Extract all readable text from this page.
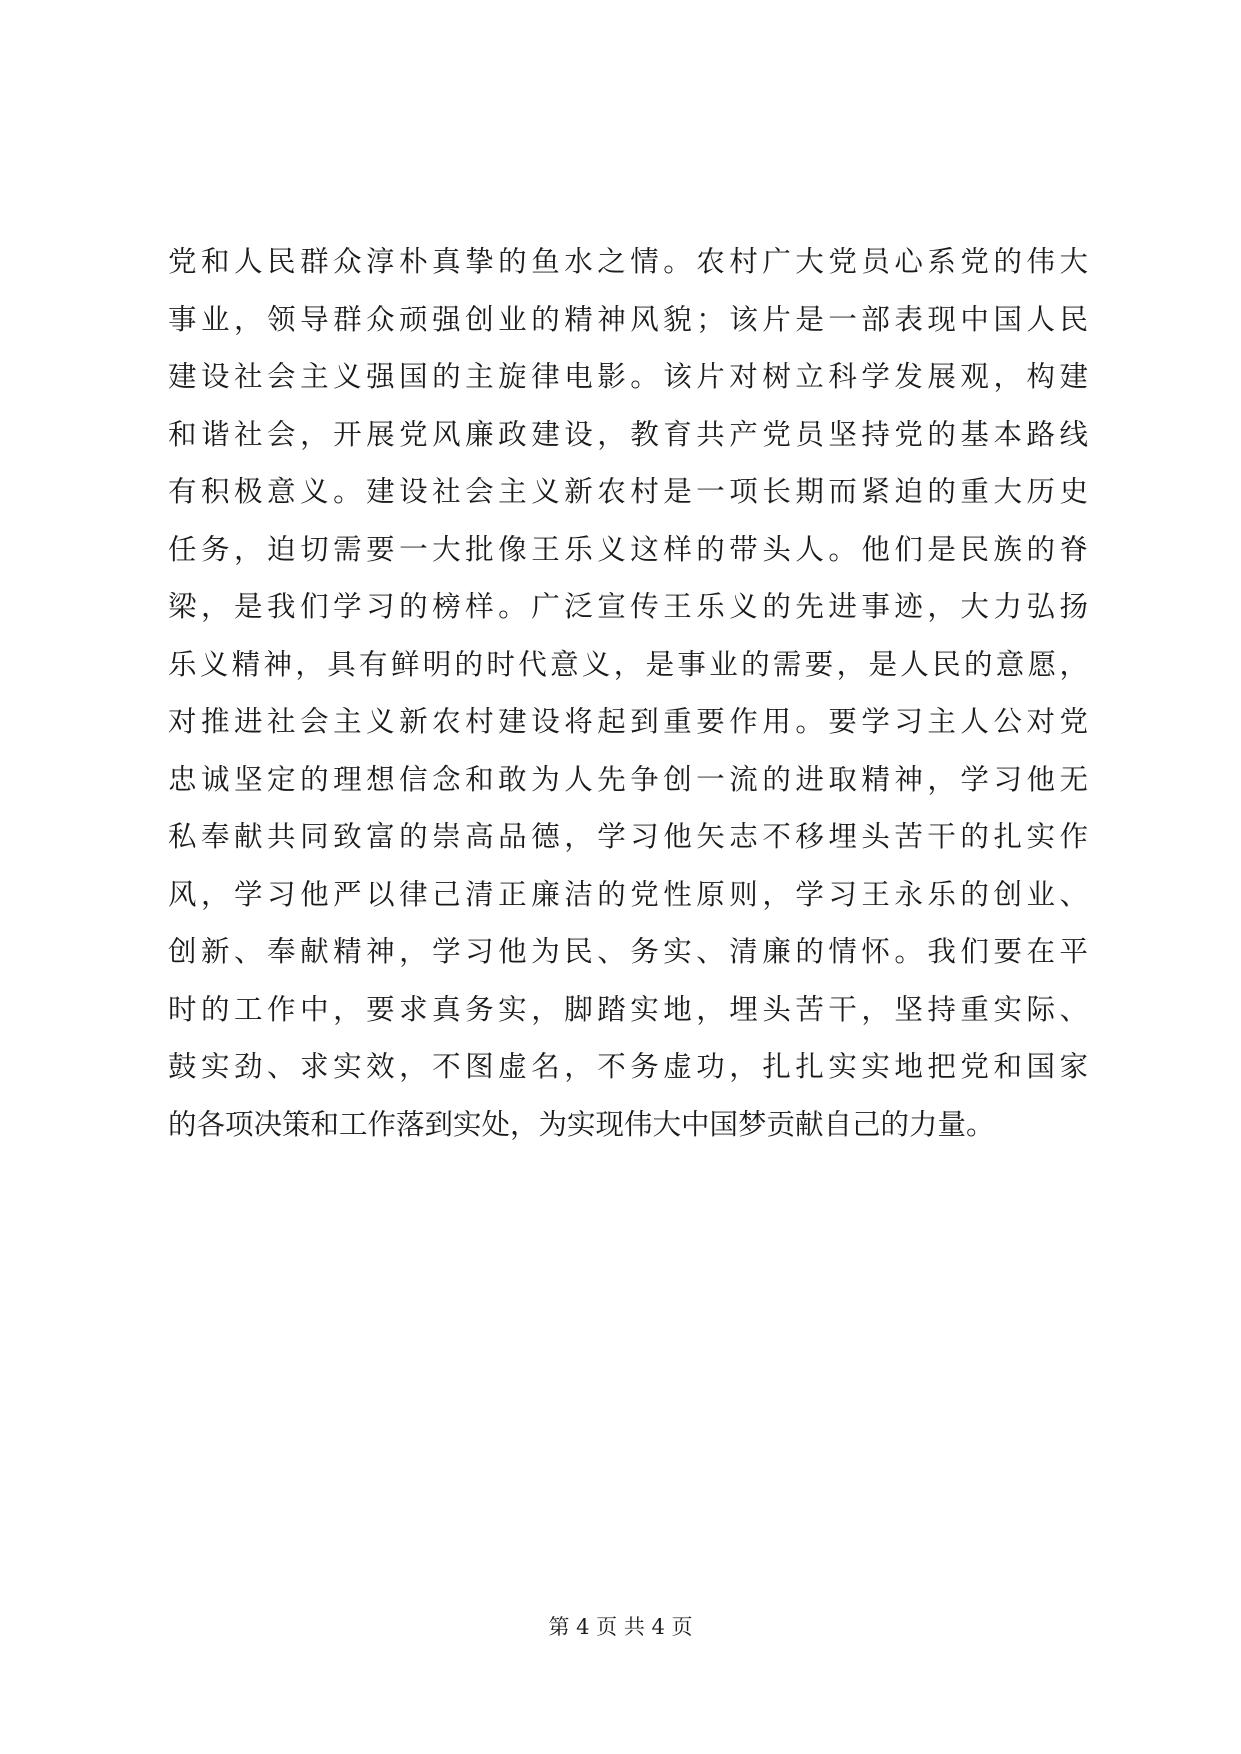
党和人民群众淳朴真挚的鱼水之情。农村广大党员心系党的伟大
事业，领导群众顽强创业的精神风貌；该片是一部表现中国人民
建设社会主义强国的主旋律电影。该片对树立科学发展观，构建
和谐社会，开展党风廉政建设，教育共产党员坚持党的基本路线
有积极意义。建设社会主义新农村是一项长期而紧迫的重大历史
任务，迫切需要一大批像王乐义这样的带头人。他们是民族的脊
梁，是我们学习的榜样。广泛宣传王乐义的先进事迹，大力弘扬
乐义精神，具有鲜明的时代意义，是事业的需要，是人民的意愿，
对推进社会主义新农村建设将起到重要作用。要学习主人公对党
忠诚坚定的理想信念和敢为人先争创一流的进取精神，学习他无
私奉献共同致富的崇高品德，学习他矢志不移埋头苦干的扎实作
风，学习他严以律己清正廉洁的党性原则，学习王永乐的创业、
创新、奉献精神，学习他为民、务实、清廉的情怀。我们要在平
时的工作中，要求真务实，脚踏实地，埋头苦干，坚持重实际、
鼓实劲、求实效，不图虚名，不务虚功，扎扎实实地把党和国家
的各项决策和工作落到实处，为实现伟大中国梦贡献自己的力量。
第 4 页 共 4 页
